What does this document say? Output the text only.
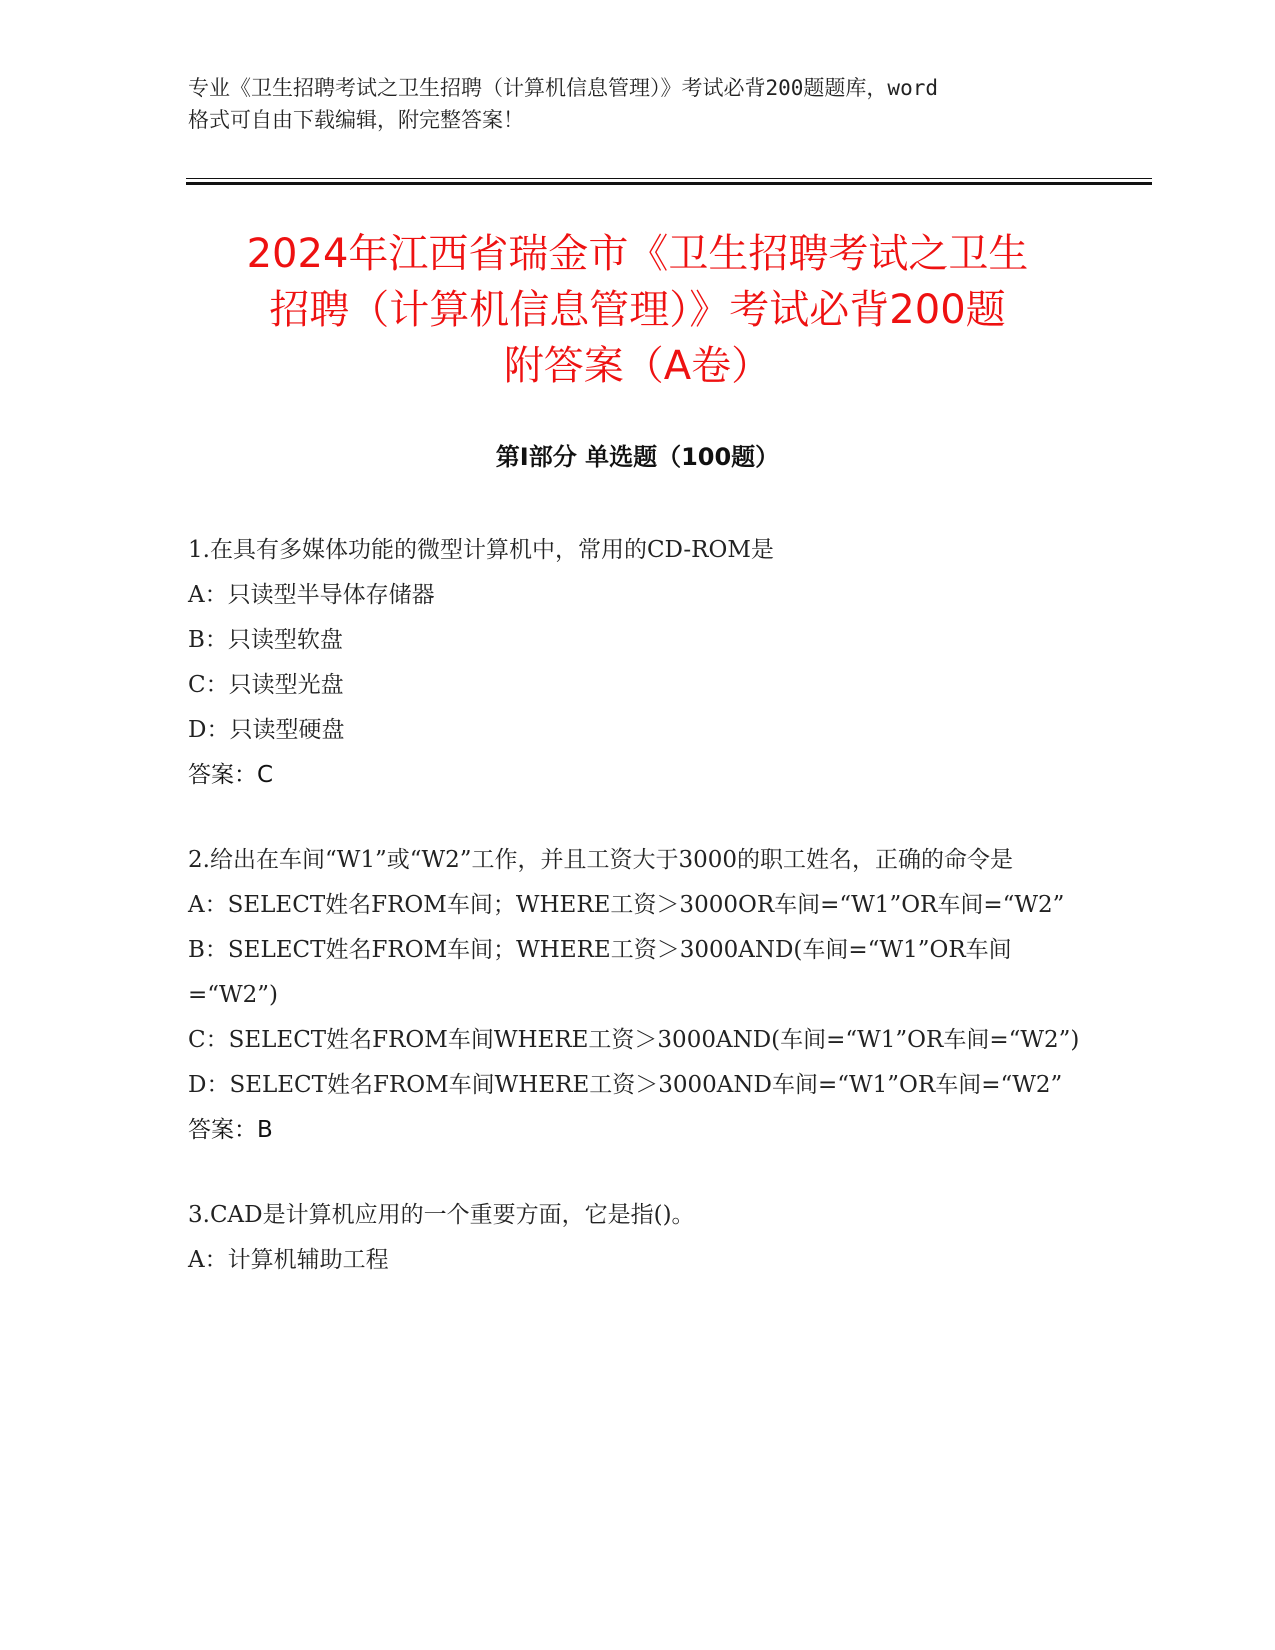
专业《卫生招聘考试之卫生招聘（计算机信息管理）》考试必背200题题库，word
格式可自由下载编辑，附完整答案！
2024年江西省瑞金市《卫生招聘考试之卫生
招聘（计算机信息管理）》考试必背200题
附答案（A卷）
第Ⅰ部分 单选题（100题）
1.在具有多媒体功能的微型计算机中，常用的CD-ROM是
A：只读型半导体存储器
B：只读型软盘
C：只读型光盘
D：只读型硬盘
答案：C
2.给出在车间“W1”或“W2”工作，并且工资大于3000的职工姓名，正确的命令是
A：SELECT姓名FROM车间；WHERE工资＞3000OR车间=“W1”OR车间=“W2”
B：SELECT姓名FROM车间；WHERE工资＞3000AND(车间=“W1”OR车间=“W2”)
C：SELECT姓名FROM车间WHERE工资＞3000AND(车间=“W1”OR车间=“W2”)
D：SELECT姓名FROM车间WHERE工资＞3000AND车间=“W1”OR车间=“W2”
答案：B
3.CAD是计算机应用的一个重要方面，它是指()。
A：计算机辅助工程
